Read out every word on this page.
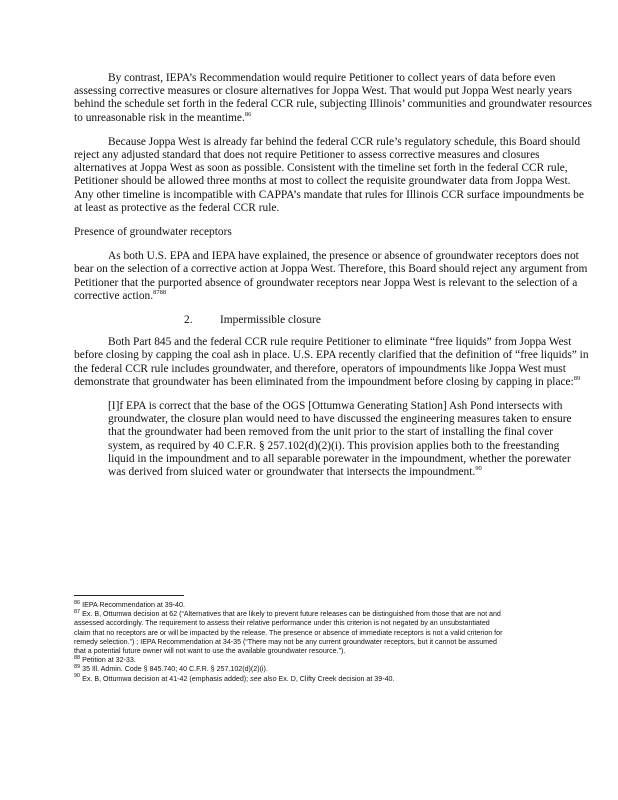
By contrast, IEPA’s Recommendation would require Petitioner to collect years of data before even assessing corrective measures or closure alternatives for Joppa West. That would put Joppa West nearly years behind the schedule set forth in the federal CCR rule, subjecting Illinois’ communities and groundwater resources to unreasonable risk in the meantime.$^{86}$

Because Joppa West is already far behind the federal CCR rule’s regulatory schedule, this Board should reject any adjusted standard that does not require Petitioner to assess corrective measures and closures alternatives at Joppa West as soon as possible. Consistent with the timeline set forth in the federal CCR rule, Petitioner should be allowed three months at most to collect the requisite groundwater data from Joppa West. Any other timeline is incompatible with CAPPA’s mandate that rules for Illinois CCR surface impoundments be at least as protective as the federal CCR rule.

Presence of groundwater receptors

As both U.S. EPA and IEPA have explained, the presence or absence of groundwater receptors does not bear on the selection of a corrective action at Joppa West. Therefore, this Board should reject any argument from Petitioner that the purported absence of groundwater receptors near Joppa West is relevant to the selection of a corrective action.$^{8788}$

2. Impermissible closure

Both Part 845 and the federal CCR rule require Petitioner to eliminate “free liquids” from Joppa West before closing by capping the coal ash in place. U.S. EPA recently clarified that the definition of “free liquids” in the federal CCR rule includes groundwater, and therefore, operators of impoundments like Joppa West must demonstrate that groundwater has been eliminated from the impoundment before closing by capping in place:$^{89}$

[I]f EPA is correct that the base of the OGS [Ottumwa Generating Station] Ash Pond intersects with groundwater, the closure plan would need to have discussed the engineering measures taken to ensure that the groundwater had been removed from the unit prior to the start of installing the final cover system, as required by 40 C.F.R. § 257.102(d)(2)(i). This provision applies both to the freestanding liquid in the impoundment and to all separable porewater in the impoundment, whether the porewater was derived from sluiced water or groundwater that intersects the impoundment.$^{90}$

$^{86}$ IEPA Recommendation at 39-40.

$^{87}$ Ex. B, Ottumwa decision at 62 (“Alternatives that are likely to prevent future releases can be distinguished from those that are not and assessed accordingly. The requirement to assess their relative performance under this criterion is not negated by an unsubstantiated claim that no receptors are or will be impacted by the release. The presence or absence of immediate receptors is not a valid criterion for remedy selection.”) ; IEPA Recommendation at 34-35 (“There may not be any current groundwater receptors, but it cannot be assumed that a potential future owner will not want to use the available groundwater resource.”).

$^{88}$ Petition at 32-33.

$^{89}$ 35 Ill. Admin. Code § 845.740; 40 C.F.R. § 257.102(d)(2)(i).

$^{90}$ Ex. B, Ottumwa decision at 41-42 (emphasis added); see also Ex. D, Clifty Creek decision at 39-40.
